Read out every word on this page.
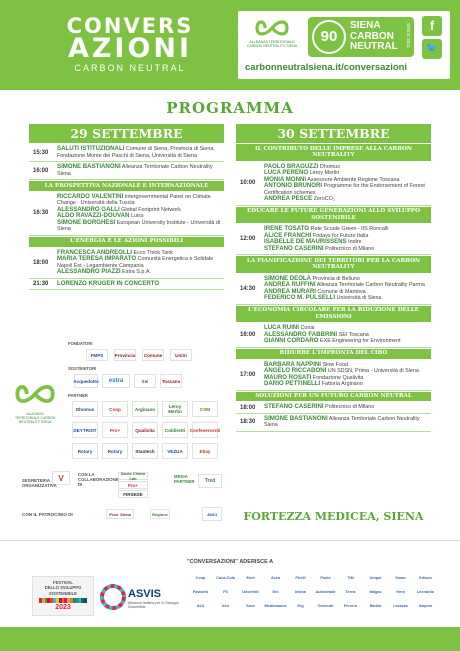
CONVERS
AZIONI
CARBON NEUTRAL
ALLEANZA TERRITORIALE CARBON NEUTRALITY SIENA
90
SIENA
CARBON
NEUTRAL SINCE 2011	f
🐦
carbonneutralsiena.it/conversazioni
PROGRAMMA
29 SETTEMBRE
15:30
SALUTI ISTITUZIONALI Comune di Siena, Provincia di Siena, Fondazione Monte dei Paschi di Siena, Università di Siena
16:00
SIMONE BASTIANONI Alleanza Territoriale Carbon Neutrality Siena
LA PROSPETTIVA NAZIONALE E INTERNAZIONALE
16:30
RICCARDO VALENTINI Intergovernmental Panel on Climate Change - Università della Tuscia
ALESSANDRO GALLI Global Footprint Network
ALDO RAVAZZI-DOUVAN Luiss
SIMONE BORGHESI European University Institute - Università di Siena
L'ENERGIA E LE AZIONI POSSIBILI
18:00
FRANCESCA ANDREOLLI Ecco Think Tank
MARIA TERESA IMPARATO Comunità Energetica e Solidale Napoli Est - Legambiente Campania
ALESSANDRO PIAZZI Estra S.p.A.
21:30	LORENZO KRUGER IN CONCERTO
30 SETTEMBRE
IL CONTRIBUTO DELLE IMPRESE ALLA CARBON NEUTRALITY
10:00
PAOLO BRAGUZZI Dhomus
LUCA PERENO Leroy Merlin
MONIA MONNI Assessore Ambiente Regione Toscana
ANTONIO BRUNORI Programme for the Endorsement of Forest Certification schemes
ANDREA PESCE ZeroCO₂
EDUCARE LE FUTURE GENERAZIONI ALLO SVILUPPO SOSTENIBILE
12:00
IRENE TOSATO Rete Scuole Green - IIS Roncalli
ALICE FRANCHI Fridays for Future Italia
ISABELLE DE MAURISSENS Indire
STEFANO CASERINI Politecnico di Milano
LA PIANIFICAZIONE DEI TERRITORI PER LA CARBON NEUTRALITY
14:30
SIMONE DEOLA Provincia di Belluno
ANDREA RUFFINI Alleanza Territoriale Carbon Neutrality Parma
ANDREA MURARI Comune di Mantova
FEDERICO M. PULSELLI Università di Siena
L'ECONOMIA CIRCOLARE PER LA RIDUZIONE DELLE EMISSIONI
16:00
LUCA RUINI Conai
ALESSANDRO FABBRINI SEI Toscana
GIANNI CORDARO EXE Engineering for Environment
RIDURRE L'IMPRONTA DEL CIBO
17:00
BARBARA NAPPINI Slow Food
ANGELO RICCABONI UN SDSN, Prima - Università di Siena
MAURO ROSATI Fondazione Qualivita
DARIO PETTINELLI Fattoria Arginano
SOLUZIONI PER UN FUTURO CARBON NEUTRAL
18:00	STEFANO CASERINI Politecnico di Milano
18:30
SIMONE BASTIANONI Alleanza Territoriale Carbon Neutrality Siena
FORTEZZA MEDICEA, SIENA
FONDATORI
FMPS	Provincia	Comune	UniSi
SOSTENITORI
Acquedotto	estra	Sei	Toscana
ALLEANZA TERRITORIALE CARBON NEUTRALITY SIENA
PARTNER
Dhomus	Coop	Arginano	Leroy Merlin	CSM
DEYTROIT	Pro+	Qualivita	Coldiretti	Confesercenti
Rotary	Rotary	Stantech	VEZUA	Ebay
V	Santa Chiara Lab
Pro+
FIRSEDE
Tred
Prov. Siena	Regione	ANCI
SEGRETERIA
ORGANIZZATIVA
CON LA
COLLABORAZIONE
DI
MEDIA
PARTNER
CON IL PATROCINIO DI
"CONVERSAZIONI" ADERISCE A
FESTIVAL
DELLO SVILUPPO
SOSTENIBILE
2023
ASVIS
Alleanza Italiana per lo Sviluppo Sostenibile
Coop	Coca-Cola	Enel	Acea	Pirelli	Poste	TIM	Unipol	Snam	Edison
Fastweb	FS	Unicredit	Eni	Intesa	Autostrade	Terna	Italgas	Hera	Leonardo
A2A	Iren	Sace	Mediobanca	Erg	Generali	Ferrero	Barilla	Lavazza	Saipem
